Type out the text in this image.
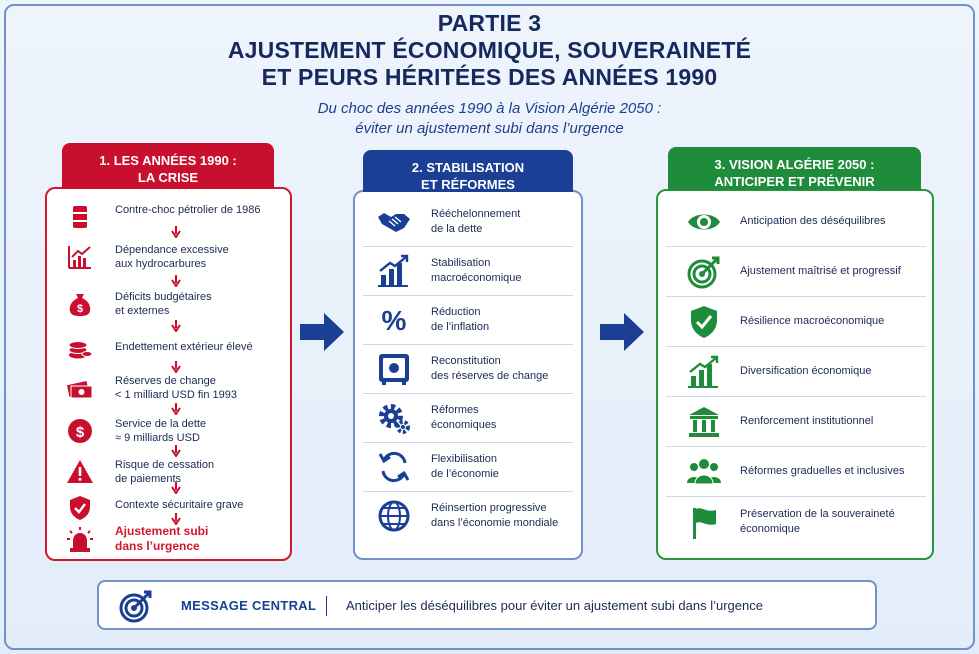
PARTIE 3
AJUSTEMENT ÉCONOMIQUE, SOUVERAINETÉ
ET PEURS HÉRITÉES DES ANNÉES 1990
Du choc des années 1990 à la Vision Algérie 2050 :
éviter un ajustement subi dans l’urgence
Contre-choc pétrolier de 1986
Dépendance excessive
aux hydrocarbures
$
Déficits budgétaires
et externes
Endettement extérieur élevé
Réserves de change
< 1 milliard USD fin 1993
$	Service de la dette
≈ 9 milliards USD
Risque de cessation
de paiements
Contexte sécuritaire grave
Ajustement subi
dans l’urgence
1. LES ANNÉES 1990 :
LA CRISE
Rééchelonnement
de la dette
Stabilisation
macroéconomique
% Réduction
de l’inflation
Reconstitution
des réserves de change
Réformes
économiques
Flexibilisation
de l’économie
Réinsertion progressive
dans l’économie mondiale
2. STABILISATION
ET RÉFORMES
Anticipation des déséquilibres
Ajustement maîtrisé et progressif
Résilience macroéconomique
Diversification économique
Renforcement institutionnel
Réformes graduelles et inclusives
Préservation de la souveraineté
économique
3. VISION ALGÉRIE 2050 :
ANTICIPER ET PRÉVENIR
MESSAGE CENTRAL Anticiper les déséquilibres pour éviter un ajustement subi dans l’urgence
